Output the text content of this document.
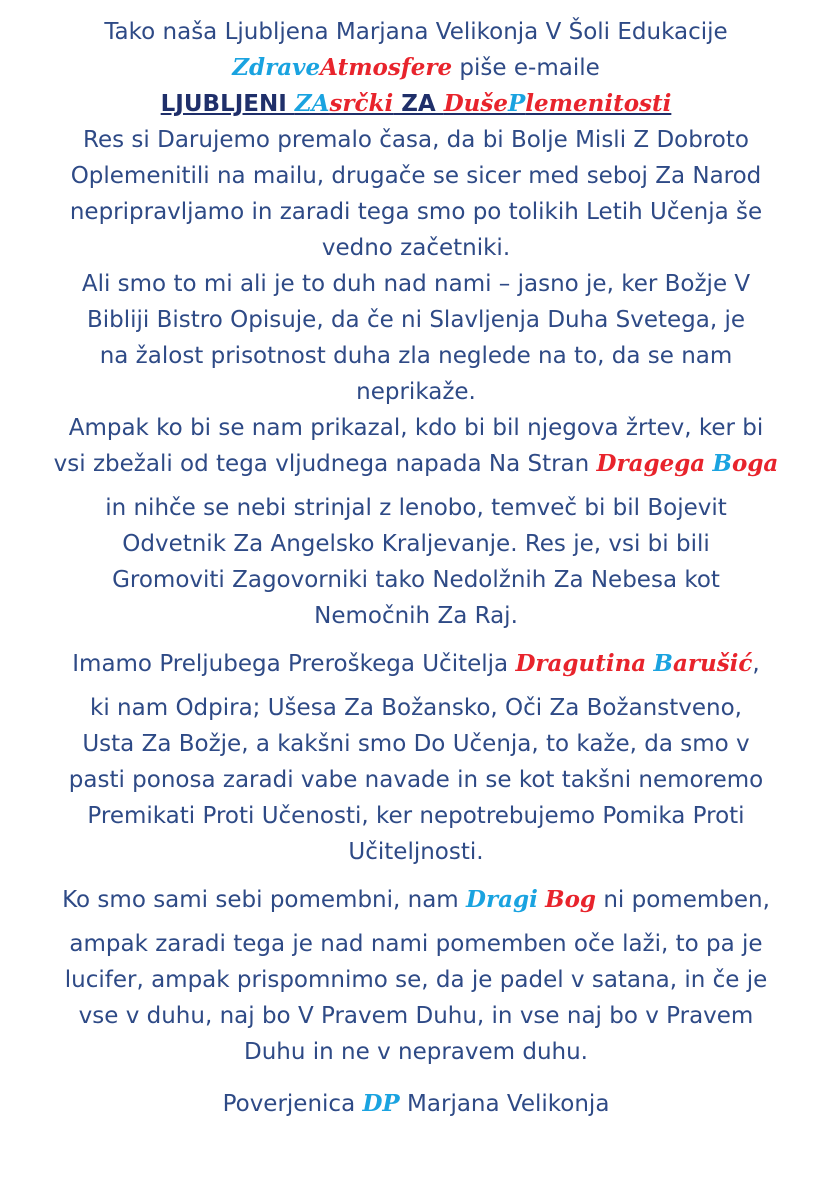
Tako naša Ljubljena Marjana Velikonja V Šoli Edukacije
ZdraveAtmosfere piše e-maile
LJUBLJENI ZAsrčki ZA DušePlemenitosti
Res si Darujemo premalo časa, da bi Bolje Misli Z Dobroto
Oplemenitili na mailu, drugače se sicer med seboj Za Narod
nepripravljamo in zaradi tega smo po tolikih Letih Učenja še
vedno začetniki.
Ali smo to mi ali je to duh nad nami – jasno je, ker Božje V
Bibliji Bistro Opisuje, da če ni Slavljenja Duha Svetega, je
na žalost prisotnost duha zla neglede na to, da se nam
neprikaže.
Ampak ko bi se nam prikazal, kdo bi bil njegova žrtev, ker bi
vsi zbežali od tega vljudnega napada Na Stran Dragega Boga
in nihče se nebi strinjal z lenobo, temveč bi bil Bojevit
Odvetnik Za Angelsko Kraljevanje. Res je, vsi bi bili
Gromoviti Zagovorniki tako Nedolžnih Za Nebesa kot
Nemočnih Za Raj.
Imamo Preljubega Preroškega Učitelja Dragutina Barušić,
ki nam Odpira; Ušesa Za Božansko, Oči Za Božanstveno,
Usta Za Božje, a kakšni smo Do Učenja, to kaže, da smo v
pasti ponosa zaradi vabe navade in se kot takšni nemoremo
Premikati Proti Učenosti, ker nepotrebujemo Pomika Proti
Učiteljnosti.
Ko smo sami sebi pomembni, nam Dragi Bog ni pomemben,
ampak zaradi tega je nad nami pomemben oče laži, to pa je
lucifer, ampak prispomnimo se, da je padel v satana, in če je
vse v duhu, naj bo V Pravem Duhu, in vse naj bo v Pravem
Duhu in ne v nepravem duhu.
Poverjenica DP Marjana Velikonja
